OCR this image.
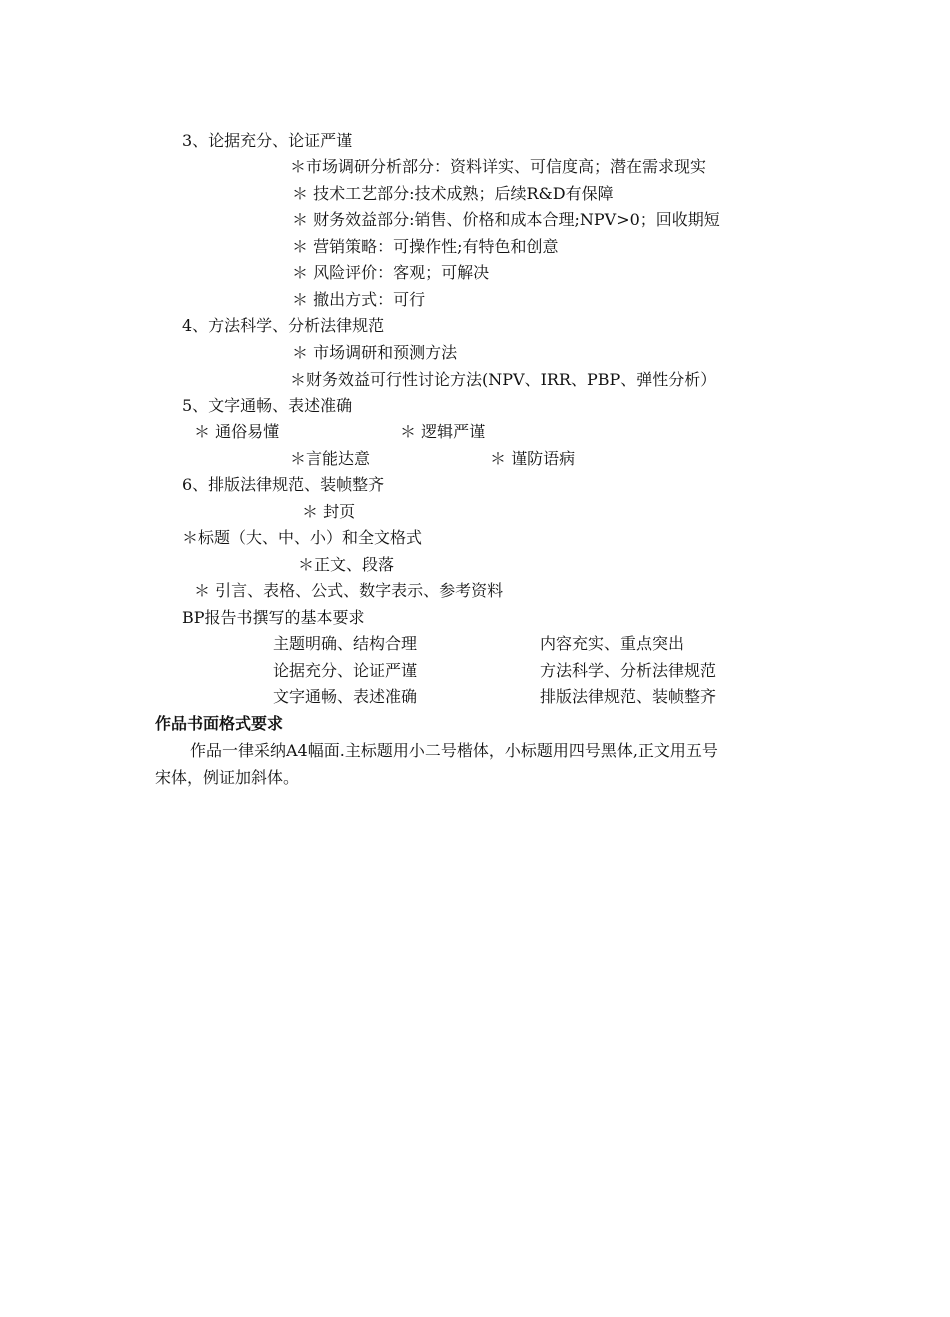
3、论据充分、论证严谨
＊市场调研分析部分：资料详实、可信度高；潜在需求现实
＊ 技术工艺部分:技术成熟；后续R&D有保障
＊ 财务效益部分:销售、价格和成本合理;NPV>0；回收期短
＊ 营销策略：可操作性;有特色和创意
＊ 风险评价：客观；可解决
＊ 撤出方式：可行
4、方法科学、分析法律规范
＊ 市场调研和预测方法
＊财务效益可行性讨论方法(NPV、IRR、PBP、弹性分析）
5、文字通畅、表述准确
＊ 通俗易懂	＊ 逻辑严谨
＊言能达意	＊ 谨防语病
6、排版法律规范、装帧整齐
＊ 封页
＊标题（大、中、小）和全文格式
＊正文、段落
＊ 引言、表格、公式、数字表示、参考资料
BP报告书撰写的基本要求
主题明确、结构合理	内容充实、重点突出
论据充分、论证严谨	方法科学、分析法律规范
文字通畅、表述准确	排版法律规范、装帧整齐
作品书面格式要求
作品一律采纳A4幅面.主标题用小二号楷体，小标题用四号黑体,正文用五号
宋体，例证加斜体。
